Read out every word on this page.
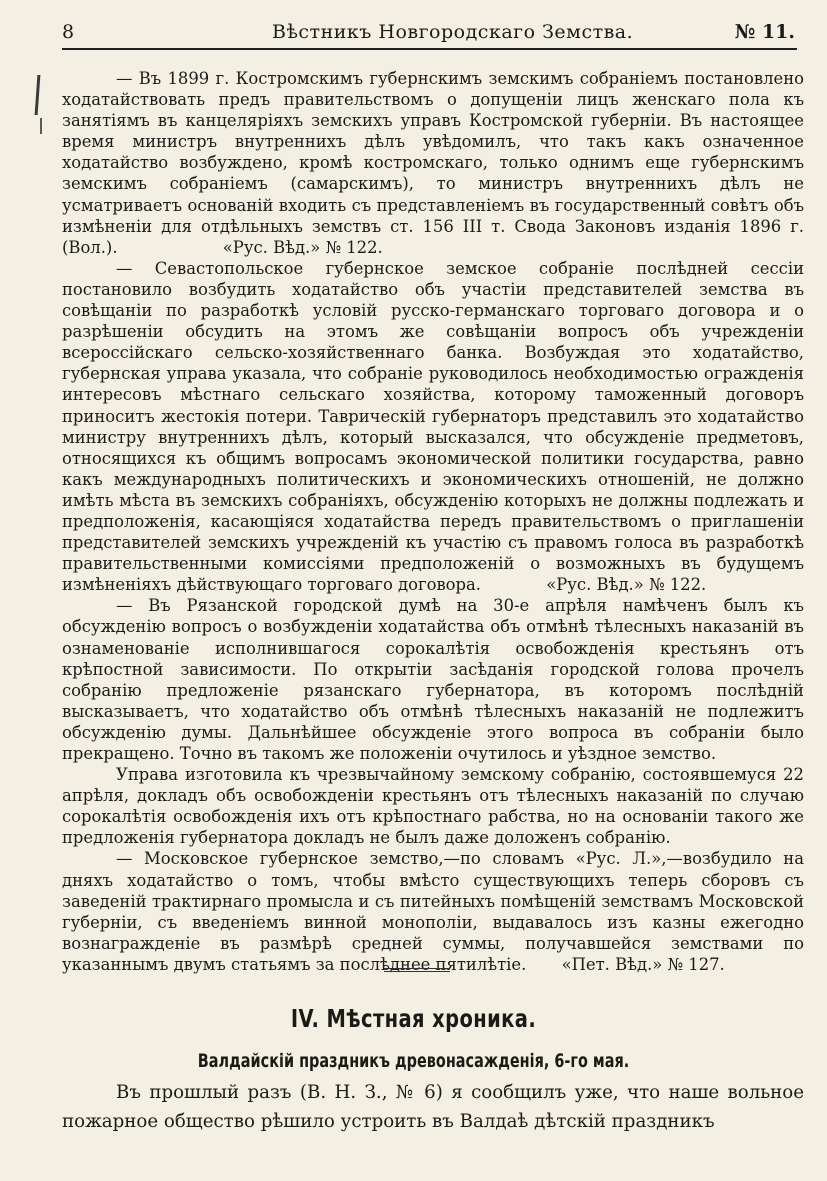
8	Вѣстникъ Новгородскаго Земства.	№ 11.

— Въ 1899 г. Костромскимъ губернскимъ земскимъ собраніемъ постановлено ходатайствовать предъ правительствомъ о допущеніи лицъ женскаго пола къ занятіямъ въ канцеляріяхъ земскихъ управъ Костромской губерніи. Въ настоящее время министръ внутреннихъ дѣлъ увѣдомилъ, что такъ какъ означенное ходатайство возбуждено, кромѣ костромскаго, только однимъ еще губернскимъ земскимъ собраніемъ (самарскимъ), то министръ внутреннихъ дѣлъ не усматриваетъ основаній входить съ представленіемъ въ государственный совѣтъ объ измѣненіи для отдѣльныхъ земствъ ст. 156 III т. Свода Законовъ изданія 1896 г. (Вол.).	«Рус. Вѣд.» № 122.

— Севастопольское губернское земское собраніе послѣдней сессіи постановило возбудить ходатайство объ участіи представителей земства въ совѣщаніи по разработкѣ условій русско-германскаго торговаго договора и о разрѣшеніи обсудить на этомъ же совѣщаніи вопросъ объ учрежденіи всероссійскаго сельско-хозяйственнаго банка. Возбуждая это ходатайство, губернская управа указала, что собраніе руководилось необходимостью огражденія интересовъ мѣстнаго сельскаго хозяйства, которому таможенный договоръ приноситъ жестокія потери. Таврическій губернаторъ представилъ это ходатайство министру внутреннихъ дѣлъ, который высказался, что обсужденіе предметовъ, относящихся къ общимъ вопросамъ экономической политики государства, равно какъ международныхъ политическихъ и экономическихъ отношеній, не должно имѣть мѣста въ земскихъ собраніяхъ, обсужденію которыхъ не должны подлежать и предположенія, касающіяся ходатайства передъ правительствомъ о приглашеніи представителей земскихъ учрежденій къ участію съ правомъ голоса въ разработкѣ правительственными комиссіями предположеній о возможныхъ въ будущемъ измѣненіяхъ дѣйствующаго торговаго договора.	«Рус. Вѣд.» № 122.

— Въ Рязанской городской думѣ на 30-е апрѣля намѣченъ былъ къ обсужденію вопросъ о возбужденіи ходатайства объ отмѣнѣ тѣлесныхъ наказаній въ ознаменованіе исполнившагося сорокалѣтія освобожденія крестьянъ отъ крѣпостной зависимости. По открытіи засѣданія городской голова прочелъ собранію предложеніе рязанскаго губернатора, въ которомъ послѣдній высказываетъ, что ходатайство объ отмѣнѣ тѣлесныхъ наказаній не подлежитъ обсужденію думы. Дальнѣйшее обсужденіе этого вопроса въ собраніи было прекращено. Точно въ такомъ же положеніи очутилось и уѣздное земство.

Управа изготовила къ чрезвычайному земскому собранію, состоявшемуся 22 апрѣля, докладъ объ освобожденіи крестьянъ отъ тѣлесныхъ наказаній по случаю сорокалѣтія освобожденія ихъ отъ крѣпостнаго рабства, но на основаніи такого же предложенія губернатора докладъ не былъ даже доложенъ собранію.

— Московское губернское земство,—по словамъ «Рус. Л.»,—возбудило на дняхъ ходатайство о томъ, чтобы вмѣсто существующихъ теперь сборовъ съ заведеній трактирнаго промысла и съ питейныхъ помѣщеній земствамъ Московской губерніи, съ введеніемъ винной монополіи, выдавалось изъ казны ежегодно вознагражденіе въ размѣрѣ средней суммы, получавшейся земствами по указаннымъ двумъ статьямъ за послѣднее пятилѣтіе. «Пет. Вѣд.» № 127.

IV. Мѣстная хроника.
Валдайскій праздникъ древонасажденія, 6-го мая.

Въ прошлый разъ (В. Н. З., № 6) я сообщилъ уже, что наше вольное пожарное общество рѣшило устроить въ Валдаѣ дѣтскій праздникъ
